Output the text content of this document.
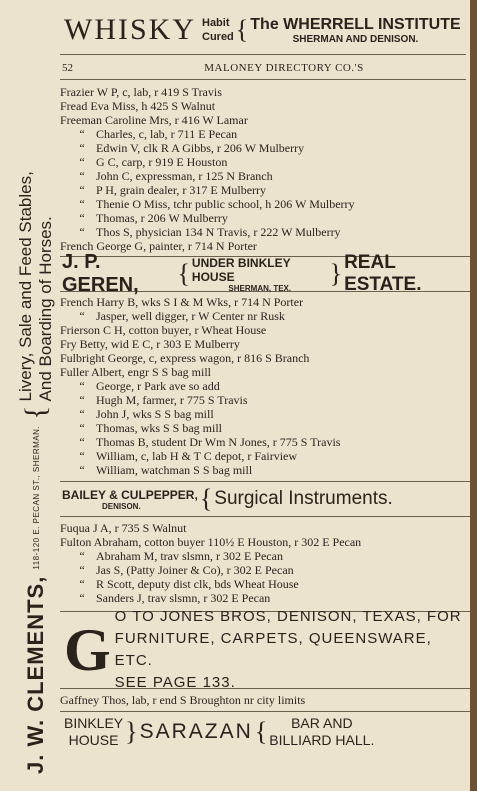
J. W. CLEMENTS,
118-120 E. PECAN ST., SHERMAN.
{
Livery, Sale and Feed Stables, And Boarding of Horses.
WHISKY Habit
Cured { The WHERRELL INSTITUTE
SHERMAN AND DENISON.
52	MALONEY DIRECTORY CO.'S
Frazier W P, c, lab, r 419 S Travis
Fread Eva Miss, h 425 S Walnut
Freeman Caroline Mrs, r 416 W Lamar
“ Charles, c, lab, r 711 E Pecan
“ Edwin V, clk R A Gibbs, r 206 W Mulberry
“ G C, carp, r 919 E Houston
“ John C, expressman, r 125 N Branch
“ P H, grain dealer, r 317 E Mulberry
“ Thenie O Miss, tchr public school, h 206 W Mulberry
“ Thomas, r 206 W Mulberry
“ Thos S, physician 134 N Travis, r 222 W Mulberry
French George G, painter, r 714 N Porter
J. P. GEREN,	{ UNDER BINKLEY HOUSE
SHERMAN, TEX. } REAL ESTATE.
French Harry B, wks S I & M Wks, r 714 N Porter
“ Jasper, well digger, r W Center nr Rusk
Frierson C H, cotton buyer, r Wheat House
Fry Betty, wid E C, r 303 E Mulberry
Fulbright George, c, express wagon, r 816 S Branch
Fuller Albert, engr S S bag mill
“ George, r Park ave so add
“ Hugh M, farmer, r 775 S Travis
“ John J, wks S S bag mill
“ Thomas, wks S S bag mill
“ Thomas B, student Dr Wm N Jones, r 775 S Travis
“ William, c, lab H & T C depot, r Fairview
“ William, watchman S S bag mill
BAILEY & CULPEPPER,
DENISON.	{ Surgical Instruments.
Fuqua J A, r 735 S Walnut
Fulton Abraham, cotton buyer 110½ E Houston, r 302 E Pecan
“ Abraham M, trav slsmn, r 302 E Pecan
“ Jas S, (Patty Joiner & Co), r 302 E Pecan
“ R Scott, deputy dist clk, bds Wheat House
“ Sanders J, trav slsmn, r 302 E Pecan
G
O TO JONES BROS, DENISON, TEXAS, FOR
FURNITURE, CARPETS, QUEENSWARE, ETC.
SEE PAGE 133.
Gaffney Thos, lab, r end S Broughton nr city limits
BINKLEY
HOUSE } SARAZAN { BAR AND
BILLIARD HALL.
